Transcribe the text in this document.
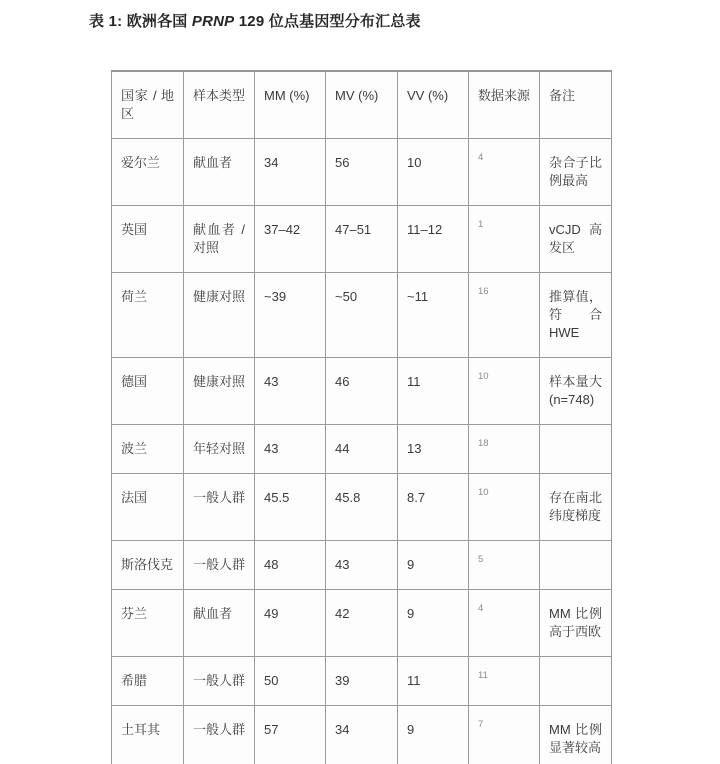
表 1: 欧洲各国 PRNP 129 位点基因型分布汇总表
国家 / 地区	样本类型	MM (%)	MV (%)	VV (%)	数据来源	备注
爱尔兰	献血者	34	56	10	4	杂合子比例最高
英国	献血者 / 对照	37–42	47–51	11–12	1	vCJD 高发区
荷兰	健康对照	~39	~50	~11	16	推算值，符合 HWE
德国	健康对照	43	46	11	10	样本量大 (n=748)
波兰	年轻对照	43	44	13	18	
法国	一般人群	45.5	45.8	8.7	10	存在南北纬度梯度
斯洛伐克	一般人群	48	43	9	5	
芬兰	献血者	49	42	9	4	MM 比例高于西欧
希腊	一般人群	50	39	11	11	
土耳其	一般人群	57	34	9	7	MM 比例显著较高
